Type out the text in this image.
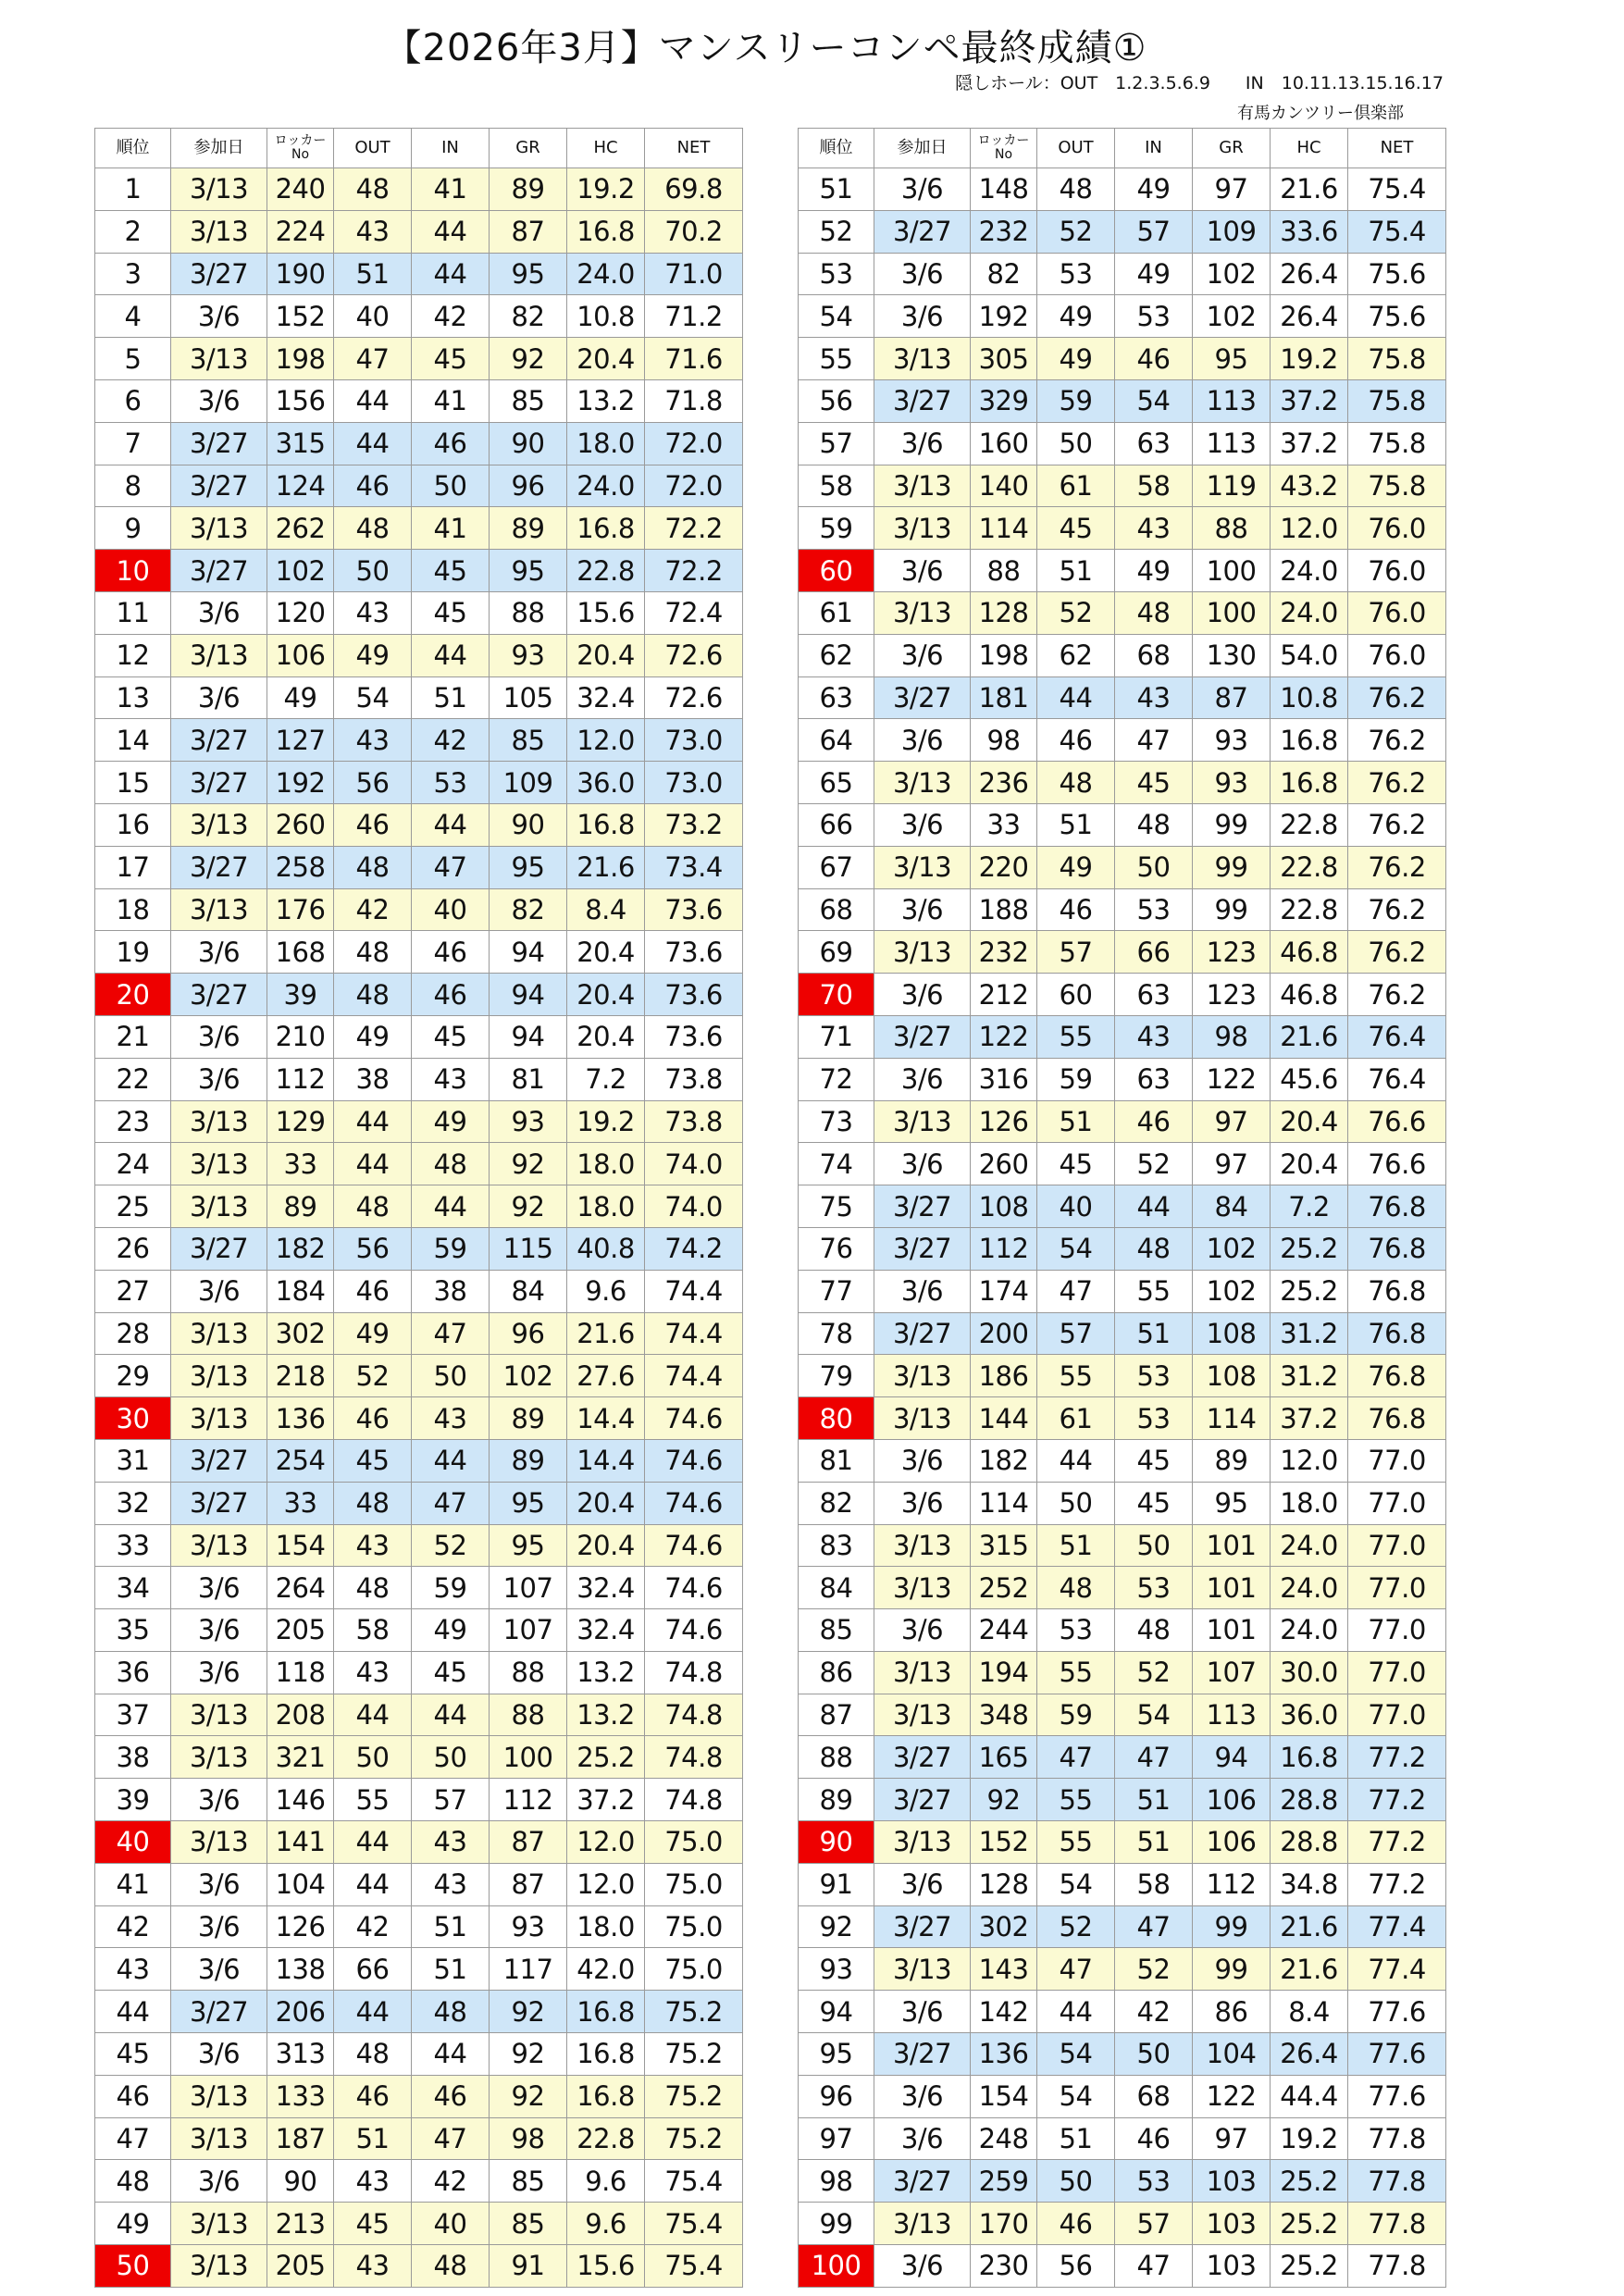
【2026年3月】マンスリーコンペ最終成績①
隠しホール：OUT　1.2.3.5.6.9　　IN　10.11.13.15.16.17
有馬カンツリー倶楽部
順位	参加日	ロッカー
No	OUT	IN	GR	HC	NET
1	3/13	240	48	41	89	19.2	69.8
2	3/13	224	43	44	87	16.8	70.2
3	3/27	190	51	44	95	24.0	71.0
4	3/6	152	40	42	82	10.8	71.2
5	3/13	198	47	45	92	20.4	71.6
6	3/6	156	44	41	85	13.2	71.8
7	3/27	315	44	46	90	18.0	72.0
8	3/27	124	46	50	96	24.0	72.0
9	3/13	262	48	41	89	16.8	72.2
10	3/27	102	50	45	95	22.8	72.2
11	3/6	120	43	45	88	15.6	72.4
12	3/13	106	49	44	93	20.4	72.6
13	3/6	49	54	51	105	32.4	72.6
14	3/27	127	43	42	85	12.0	73.0
15	3/27	192	56	53	109	36.0	73.0
16	3/13	260	46	44	90	16.8	73.2
17	3/27	258	48	47	95	21.6	73.4
18	3/13	176	42	40	82	8.4	73.6
19	3/6	168	48	46	94	20.4	73.6
20	3/27	39	48	46	94	20.4	73.6
21	3/6	210	49	45	94	20.4	73.6
22	3/6	112	38	43	81	7.2	73.8
23	3/13	129	44	49	93	19.2	73.8
24	3/13	33	44	48	92	18.0	74.0
25	3/13	89	48	44	92	18.0	74.0
26	3/27	182	56	59	115	40.8	74.2
27	3/6	184	46	38	84	9.6	74.4
28	3/13	302	49	47	96	21.6	74.4
29	3/13	218	52	50	102	27.6	74.4
30	3/13	136	46	43	89	14.4	74.6
31	3/27	254	45	44	89	14.4	74.6
32	3/27	33	48	47	95	20.4	74.6
33	3/13	154	43	52	95	20.4	74.6
34	3/6	264	48	59	107	32.4	74.6
35	3/6	205	58	49	107	32.4	74.6
36	3/6	118	43	45	88	13.2	74.8
37	3/13	208	44	44	88	13.2	74.8
38	3/13	321	50	50	100	25.2	74.8
39	3/6	146	55	57	112	37.2	74.8
40	3/13	141	44	43	87	12.0	75.0
41	3/6	104	44	43	87	12.0	75.0
42	3/6	126	42	51	93	18.0	75.0
43	3/6	138	66	51	117	42.0	75.0
44	3/27	206	44	48	92	16.8	75.2
45	3/6	313	48	44	92	16.8	75.2
46	3/13	133	46	46	92	16.8	75.2
47	3/13	187	51	47	98	22.8	75.2
48	3/6	90	43	42	85	9.6	75.4
49	3/13	213	45	40	85	9.6	75.4
50	3/13	205	43	48	91	15.6	75.4
順位	参加日	ロッカー
No	OUT	IN	GR	HC	NET
51	3/6	148	48	49	97	21.6	75.4
52	3/27	232	52	57	109	33.6	75.4
53	3/6	82	53	49	102	26.4	75.6
54	3/6	192	49	53	102	26.4	75.6
55	3/13	305	49	46	95	19.2	75.8
56	3/27	329	59	54	113	37.2	75.8
57	3/6	160	50	63	113	37.2	75.8
58	3/13	140	61	58	119	43.2	75.8
59	3/13	114	45	43	88	12.0	76.0
60	3/6	88	51	49	100	24.0	76.0
61	3/13	128	52	48	100	24.0	76.0
62	3/6	198	62	68	130	54.0	76.0
63	3/27	181	44	43	87	10.8	76.2
64	3/6	98	46	47	93	16.8	76.2
65	3/13	236	48	45	93	16.8	76.2
66	3/6	33	51	48	99	22.8	76.2
67	3/13	220	49	50	99	22.8	76.2
68	3/6	188	46	53	99	22.8	76.2
69	3/13	232	57	66	123	46.8	76.2
70	3/6	212	60	63	123	46.8	76.2
71	3/27	122	55	43	98	21.6	76.4
72	3/6	316	59	63	122	45.6	76.4
73	3/13	126	51	46	97	20.4	76.6
74	3/6	260	45	52	97	20.4	76.6
75	3/27	108	40	44	84	7.2	76.8
76	3/27	112	54	48	102	25.2	76.8
77	3/6	174	47	55	102	25.2	76.8
78	3/27	200	57	51	108	31.2	76.8
79	3/13	186	55	53	108	31.2	76.8
80	3/13	144	61	53	114	37.2	76.8
81	3/6	182	44	45	89	12.0	77.0
82	3/6	114	50	45	95	18.0	77.0
83	3/13	315	51	50	101	24.0	77.0
84	3/13	252	48	53	101	24.0	77.0
85	3/6	244	53	48	101	24.0	77.0
86	3/13	194	55	52	107	30.0	77.0
87	3/13	348	59	54	113	36.0	77.0
88	3/27	165	47	47	94	16.8	77.2
89	3/27	92	55	51	106	28.8	77.2
90	3/13	152	55	51	106	28.8	77.2
91	3/6	128	54	58	112	34.8	77.2
92	3/27	302	52	47	99	21.6	77.4
93	3/13	143	47	52	99	21.6	77.4
94	3/6	142	44	42	86	8.4	77.6
95	3/27	136	54	50	104	26.4	77.6
96	3/6	154	54	68	122	44.4	77.6
97	3/6	248	51	46	97	19.2	77.8
98	3/27	259	50	53	103	25.2	77.8
99	3/13	170	46	57	103	25.2	77.8
100	3/6	230	56	47	103	25.2	77.8
